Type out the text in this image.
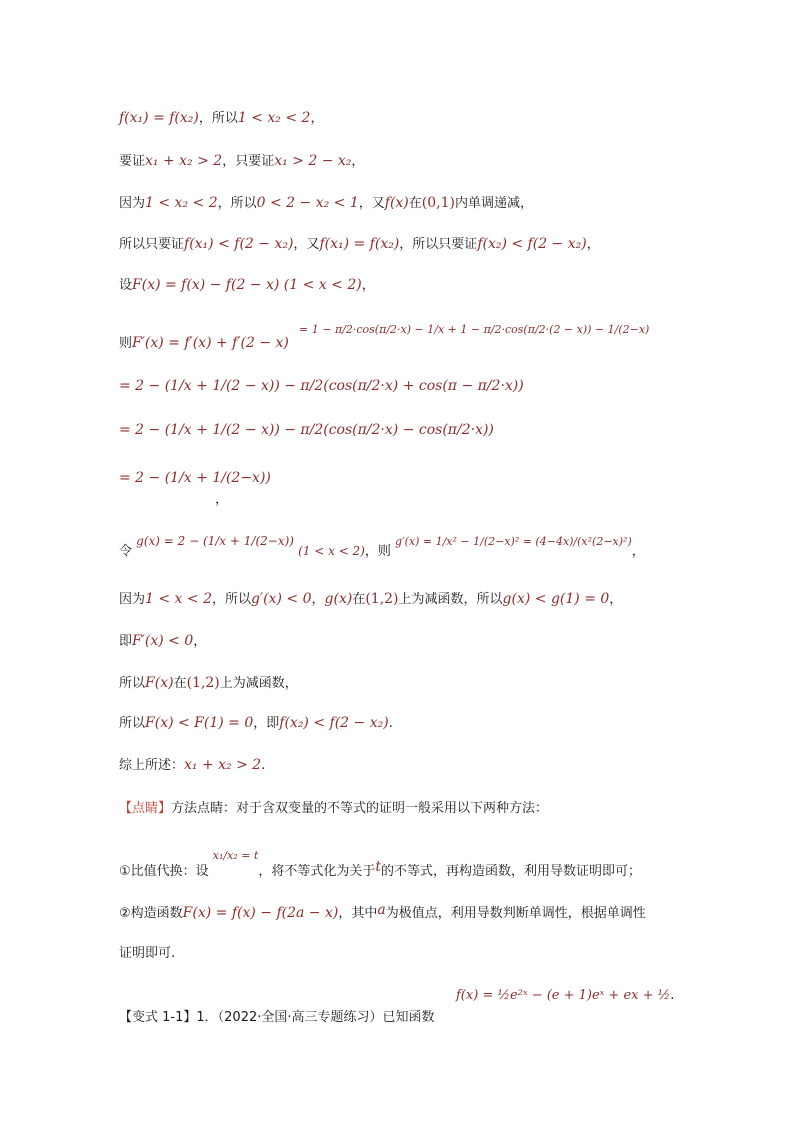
f(x₁) = f(x₂)，所以1 < x₂ < 2，
要证x₁ + x₂ > 2，只要证x₁ > 2 − x₂，
因为1 < x₂ < 2，所以0 < 2 − x₂ < 1，又f(x)在(0,1)内单调递减，
所以只要证f(x₁) < f(2 − x₂)，又f(x₁) = f(x₂)，所以只要证f(x₂) < f(2 − x₂)，
设F(x) = f(x) − f(2 − x) (1 < x < 2)，
则F′(x) = f′(x) + f′(2 − x) $^{= 1 - \pi/2\cdot cos(\pi/2\cdot x) - 1/x + 1 - \pi/2\cdot cos(\pi/2\cdot(2 - x)) - 1/(2-x)}$
= 2 − (1/x + 1/(2 − x)) − π/2(cos(π/2·x) + cos(π − π/2·x))
= 2 − (1/x + 1/(2 − x)) − π/2(cos(π/2·x) − cos(π/2·x))
= 2 − (1/x + 1/(2−x))
，
令 g(x) = 2 − (1/x + 1/(2−x)) (1 < x < 2)，则 $^{g'(x) = 1/x^2 - 1/(2-x)^2 = (4-4x)/(x^2(2-x)^2)}$，
因为1 < x < 2，所以g′(x) < 0，g(x)在(1,2)上为减函数，所以g(x) < g(1) = 0，
即F′(x) < 0，
所以F(x)在(1,2)上为减函数，
所以F(x) < F(1) = 0，即f(x₂) < f(2 − x₂).
综上所述：x₁ + x₂ > 2.
【点睛】方法点睛：对于含双变量的不等式的证明一般采用以下两种方法：
①比值代换：设 $^{x_1/x_2 = t}$，将不等式化为关于t的不等式，再构造函数，利用导数证明即可；
②构造函数F(x) = f(x) − f(2a − x)，其中a为极值点，利用导数判断单调性，根据单调性
证明即可.
【变式 1-1】1．（2022·全国·高三专题练习）已知函数
f(x) = ½e²ˣ − (e + 1)eˣ + ex + ½.
